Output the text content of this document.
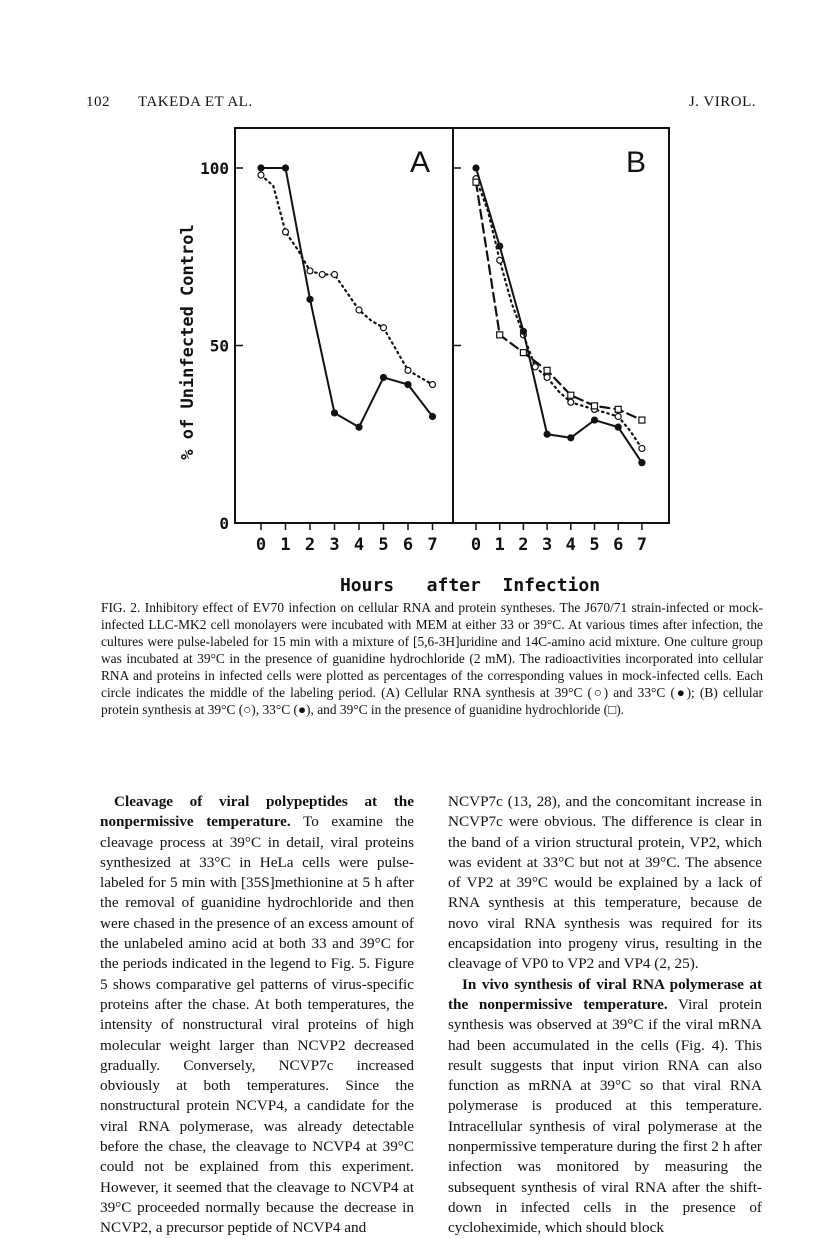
102 TAKEDA ET AL.	J. VIROL.
A
0 1 2 3 4 5 6 7
0
50
100	B
0 1 2 3 4 5 6 7
% of Uninfected Control
Hours   after  Infection

FIG. 2. Inhibitory effect of EV70 infection on cellular RNA and protein syntheses. The J670/71 strain-infected or mock-infected LLC-MK2 cell monolayers were incubated with MEM at either 33 or 39°C. At various times after infection, the cultures were pulse-labeled for 15 min with a mixture of [5,6-3H]uridine and 14C-amino acid mixture. One culture group was incubated at 39°C in the presence of guanidine hydrochloride (2 mM). The radioactivities incorporated into cellular RNA and proteins in infected cells were plotted as percentages of the corresponding values in mock-infected cells. Each circle indicates the middle of the labeling period. (A) Cellular RNA synthesis at 39°C (○) and 33°C (●); (B) cellular protein synthesis at 39°C (○), 33°C (●), and 39°C in the presence of guanidine hydrochloride (□).

Cleavage of viral polypeptides at the nonpermissive temperature. To examine the cleavage process at 39°C in detail, viral proteins synthesized at 33°C in HeLa cells were pulse-labeled for 5 min with [35S]methionine at 5 h after the removal of guanidine hydrochloride and then were chased in the presence of an excess amount of the unlabeled amino acid at both 33 and 39°C for the periods indicated in the legend to Fig. 5. Figure 5 shows comparative gel patterns of virus-specific proteins after the chase. At both temperatures, the intensity of nonstructural viral proteins of high molecular weight larger than NCVP2 decreased gradually. Conversely, NCVP7c increased obviously at both temperatures. Since the nonstructural protein NCVP4, a candidate for the viral RNA polymerase, was already detectable before the chase, the cleavage to NCVP4 at 39°C could not be explained from this experiment. However, it seemed that the cleavage to NCVP4 at 39°C proceeded normally because the decrease in NCVP2, a precursor peptide of NCVP4 and

NCVP7c (13, 28), and the concomitant increase in NCVP7c were obvious. The difference is clear in the band of a virion structural protein, VP2, which was evident at 33°C but not at 39°C. The absence of VP2 at 39°C would be explained by a lack of RNA synthesis at this temperature, because de novo viral RNA synthesis was required for its encapsidation into progeny virus, resulting in the cleavage of VP0 to VP2 and VP4 (2, 25).

In vivo synthesis of viral RNA polymerase at the nonpermissive temperature. Viral protein synthesis was observed at 39°C if the viral mRNA had been accumulated in the cells (Fig. 4). This result suggests that input virion RNA can also function as mRNA at 39°C so that viral RNA polymerase is produced at this temperature. Intracellular synthesis of viral polymerase at the nonpermissive temperature during the first 2 h after infection was monitored by measuring the subsequent synthesis of viral RNA after the shift-down in infected cells in the presence of cycloheximide, which should block
